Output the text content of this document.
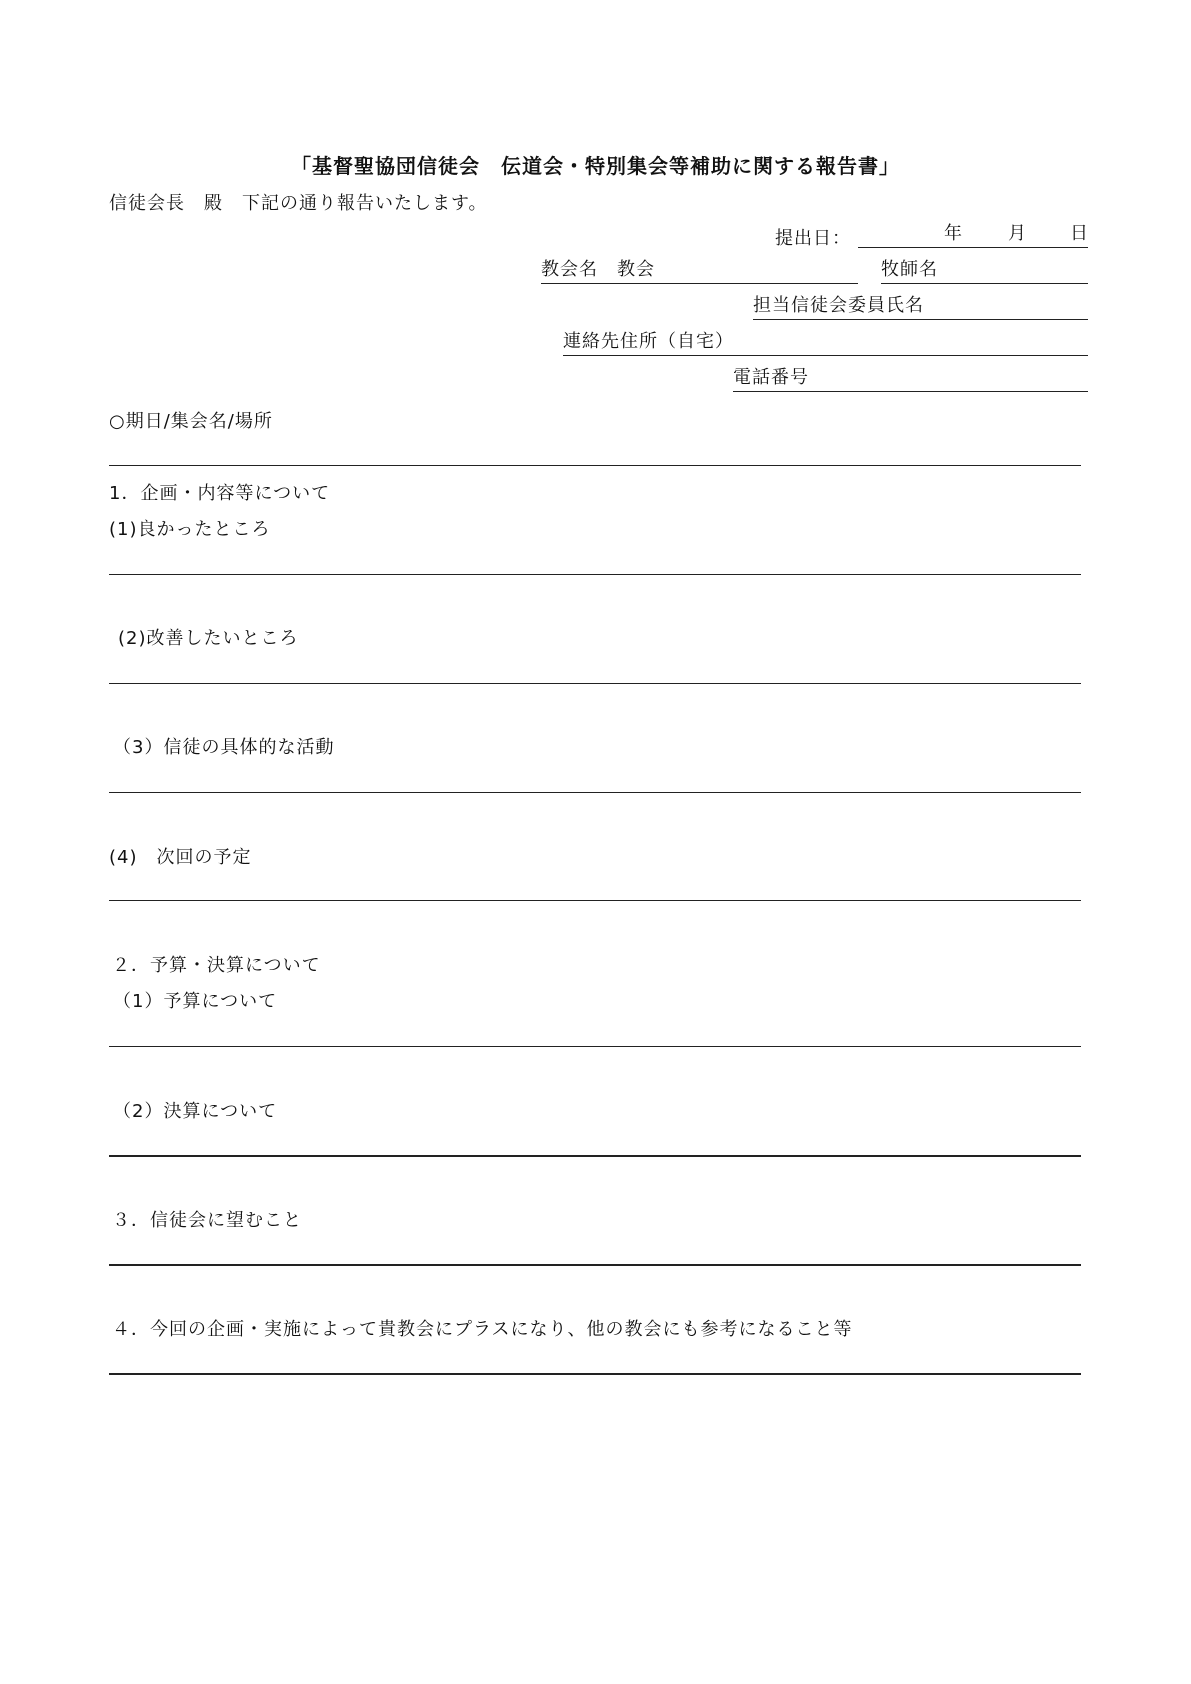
「基督聖協団信徒会　伝道会・特別集会等補助に関する報告書」
信徒会長　殿　下記の通り報告いたします。
提出日：	年	月 日
教会名　教会	牧師名
担当信徒会委員氏名
連絡先住所（自宅）
電話番号
○期日/集会名/場所
1．企画・内容等について
(1)良かったところ
(2)改善したいところ
（3）信徒の具体的な活動
(4)　次回の予定
２．予算・決算について
（1）予算について
（2）決算について
３．信徒会に望むこと
４．今回の企画・実施によって貴教会にプラスになり、他の教会にも参考になること等
